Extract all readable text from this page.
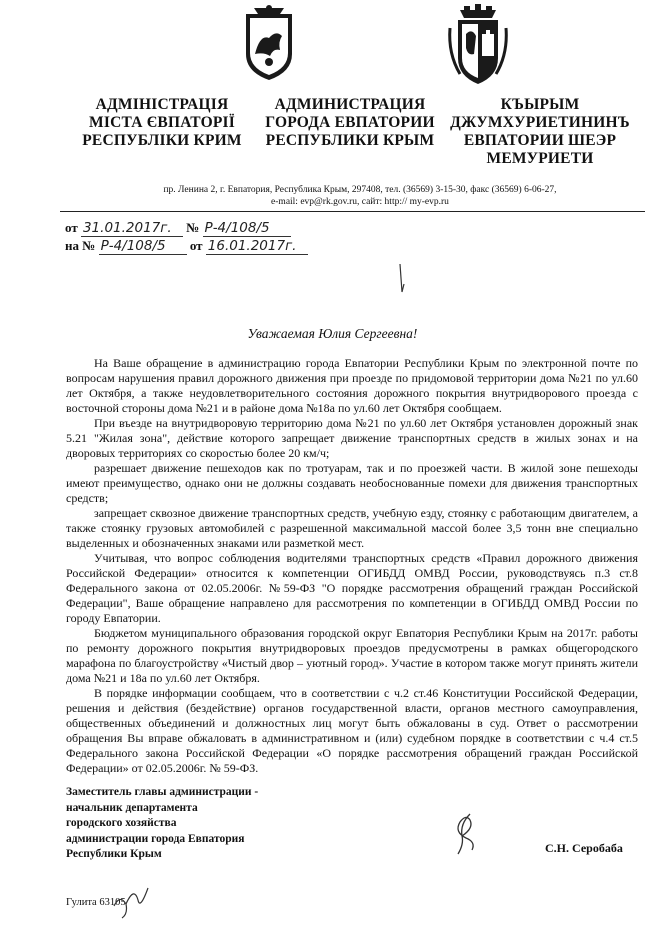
АДМІНІСТРАЦІЯ
МІСТА ЄВПАТОРІЇ
РЕСПУБЛІКИ КРИМ
АДМИНИСТРАЦИЯ
ГОРОДА ЕВПАТОРИИ
РЕСПУБЛИКИ КРЫМ
КЪЫРЫМ
ДЖУМХУРИЕТИНИНЪ
ЕВПАТОРИИ ШЕЭР
МЕМУРИЕТИ
пр. Ленина 2, г. Евпатория, Республика Крым, 297408, тел. (36569) 3-15-30, факс (36569) 6-06-27,
e-mail: evp@rk.gov.ru, сайт: http:// my-evp.ru
от 31.01.2017г. № Р-4/108/5
на № Р-4/108/5 от 16.01.2017г.
Уважаемая Юлия Сергеевна!

На Ваше обращение в администрацию города Евпатории Республики Крым по электронной почте по вопросам нарушения правил дорожного движения при проезде по придомовой территории дома №21 по ул.60 лет Октября, а также неудовлетворительного состояния дорожного покрытия внутридворового проезда с восточной стороны дома №21 и в районе дома №18а по ул.60 лет Октября сообщаем.

При въезде на внутридворовую территорию дома №21 по ул.60 лет Октября установлен дорожный знак 5.21 "Жилая зона", действие которого запрещает движение транспортных средств в жилых зонах и на дворовых территориях со скоростью более 20 км/ч;

разрешает движение пешеходов как по тротуарам, так и по проезжей части. В жилой зоне пешеходы имеют преимущество, однако они не должны создавать необоснованные помехи для движения транспортных средств;

запрещает сквозное движение транспортных средств, учебную езду, стоянку с работающим двигателем, а также стоянку грузовых автомобилей с разрешенной максимальной массой более 3,5 тонн вне специально выделенных и обозначенных знаками или разметкой мест.

Учитывая, что вопрос соблюдения водителями транспортных средств «Правил дорожного движения Российской Федерации» относится к компетенции ОГИБДД ОМВД России, руководствуясь п.3 ст.8 Федерального закона от 02.05.2006г. №59-ФЗ "О порядке рассмотрения обращений граждан Российской Федерации", Ваше обращение направлено для рассмотрения по компетенции в ОГИБДД ОМВД России по городу Евпатории.

Бюджетом муниципального образования городской округ Евпатория Республики Крым на 2017г. работы по ремонту дорожного покрытия внутридворовых проездов предусмотрены в рамках общегородского марафона по благоустройству «Чистый двор – уютный город». Участие в котором также могут принять жители дома №21 и 18а по ул.60 лет Октября.

В порядке информации сообщаем, что в соответствии с ч.2 ст.46 Конституции Российской Федерации, решения и действия (бездействие) органов государственной власти, органов местного самоуправления, общественных объединений и должностных лиц могут быть обжалованы в суд. Ответ о рассмотрении обращения Вы вправе обжаловать в административном и (или) судебном порядке в соответствии с ч.4 ст.5 Федерального закона Российской Федерации «О порядке рассмотрения обращений граждан Российской Федерации» от 02.05.2006г. № 59-ФЗ.

Заместитель главы администрации -
начальник департамента
городского хозяйства
администрации города Евпатория
Республики Крым	С.Н. Серобаба
Гулита 63105
